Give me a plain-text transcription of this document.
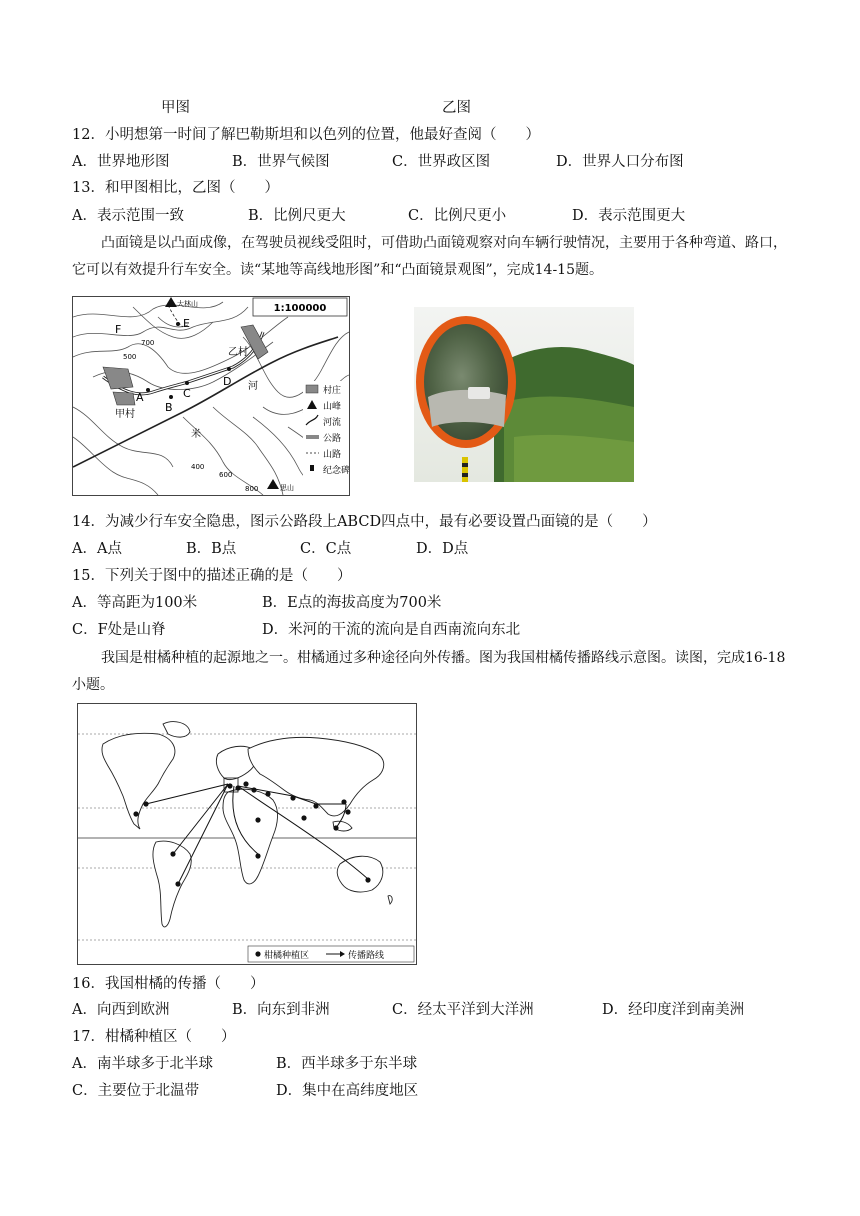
甲图	乙图
12．小明想第一时间了解巴勒斯坦和以色列的位置，他最好查阅（　　）
A．世界地形图	B．世界气候图	C．世界政区图	D．世界人口分布图
13．和甲图相比，乙图（　　）
A．表示范围一致	B．比例尺更大	C．比例尺更小	D．表示范围更大
凸面镜是以凸面成像，在驾驶员视线受阻时，可借助凸面镜观察对向车辆行驶情况，主要用于各种弯道、路口，它可以有效提升行车安全。读“某地等高线地形图”和“凸面镜景观图”，完成14-15题。
1:100000
大林山
思山
E
F
A
B
C
D
甲村
乙村
河
米
700
500
400
600
800
村庄
山峰
河流
公路
山路
纪念碑
14．为减少行车安全隐患，图示公路段上ABCD四点中，最有必要设置凸面镜的是（　　）
A．A点	B．B点	C．C点	D．D点
15．下列关于图中的描述正确的是（　　）
A．等高距为100米	B．E点的海拔高度为700米
C．F处是山脊	D．米河的干流的流向是自西南流向东北
我国是柑橘种植的起源地之一。柑橘通过多种途径向外传播。图为我国柑橘传播路线示意图。读图，完成16-18小题。
柑橘种植区	传播路线
16．我国柑橘的传播（　　）
A．向西到欧洲	B．向东到非洲	C．经太平洋到大洋洲	D．经印度洋到南美洲
17．柑橘种植区（　　）
A．南半球多于北半球	B．西半球多于东半球
C．主要位于北温带	D．集中在高纬度地区
